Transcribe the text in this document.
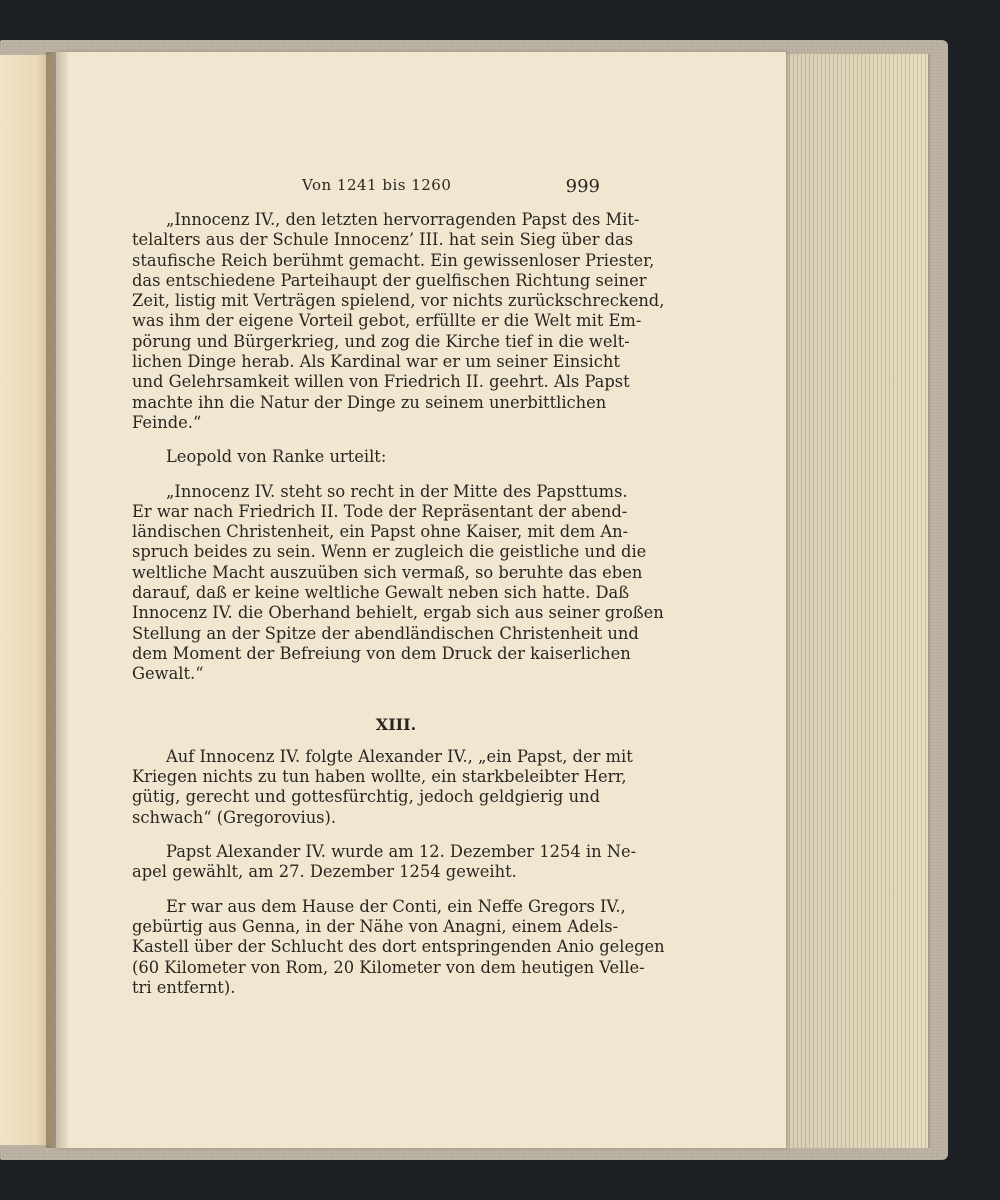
Von 1241 bis 1260	999
„Innocenz IV., den letzten hervorragenden Papst des Mit-
telalters aus der Schule Innocenz’ III. hat sein Sieg über das
staufische Reich berühmt gemacht. Ein gewissenloser Priester,
das entschiedene Parteihaupt der guelfischen Richtung seiner
Zeit, listig mit Verträgen spielend, vor nichts zurückschreckend,
was ihm der eigene Vorteil gebot, erfüllte er die Welt mit Em-
pörung und Bürgerkrieg, und zog die Kirche tief in die welt-
lichen Dinge herab. Als Kardinal war er um seiner Einsicht
und Gelehrsamkeit willen von Friedrich II. geehrt. Als Papst
machte ihn die Natur der Dinge zu seinem unerbittlichen
Feinde.“
Leopold von Ranke urteilt:
„Innocenz IV. steht so recht in der Mitte des Papsttums.
Er war nach Friedrich II. Tode der Repräsentant der abend-
ländischen Christenheit, ein Papst ohne Kaiser, mit dem An-
spruch beides zu sein. Wenn er zugleich die geistliche und die
weltliche Macht auszuüben sich vermaß, so beruhte das eben
darauf, daß er keine weltliche Gewalt neben sich hatte. Daß
Innocenz IV. die Oberhand behielt, ergab sich aus seiner großen
Stellung an der Spitze der abendländischen Christenheit und
dem Moment der Befreiung von dem Druck der kaiserlichen
Gewalt.“

XIII.

Auf Innocenz IV. folgte Alexander IV., „ein Papst, der mit
Kriegen nichts zu tun haben wollte, ein starkbeleibter Herr,
gütig, gerecht und gottesfürchtig, jedoch geldgierig und
schwach“ (Gregorovius).
Papst Alexander IV. wurde am 12. Dezember 1254 in Ne-
apel gewählt, am 27. Dezember 1254 geweiht.
Er war aus dem Hause der Conti, ein Neffe Gregors IV.,
gebürtig aus Genna, in der Nähe von Anagni, einem Adels-
Kastell über der Schlucht des dort entspringenden Anio gelegen
(60 Kilometer von Rom, 20 Kilometer von dem heutigen Velle-
tri entfernt).
